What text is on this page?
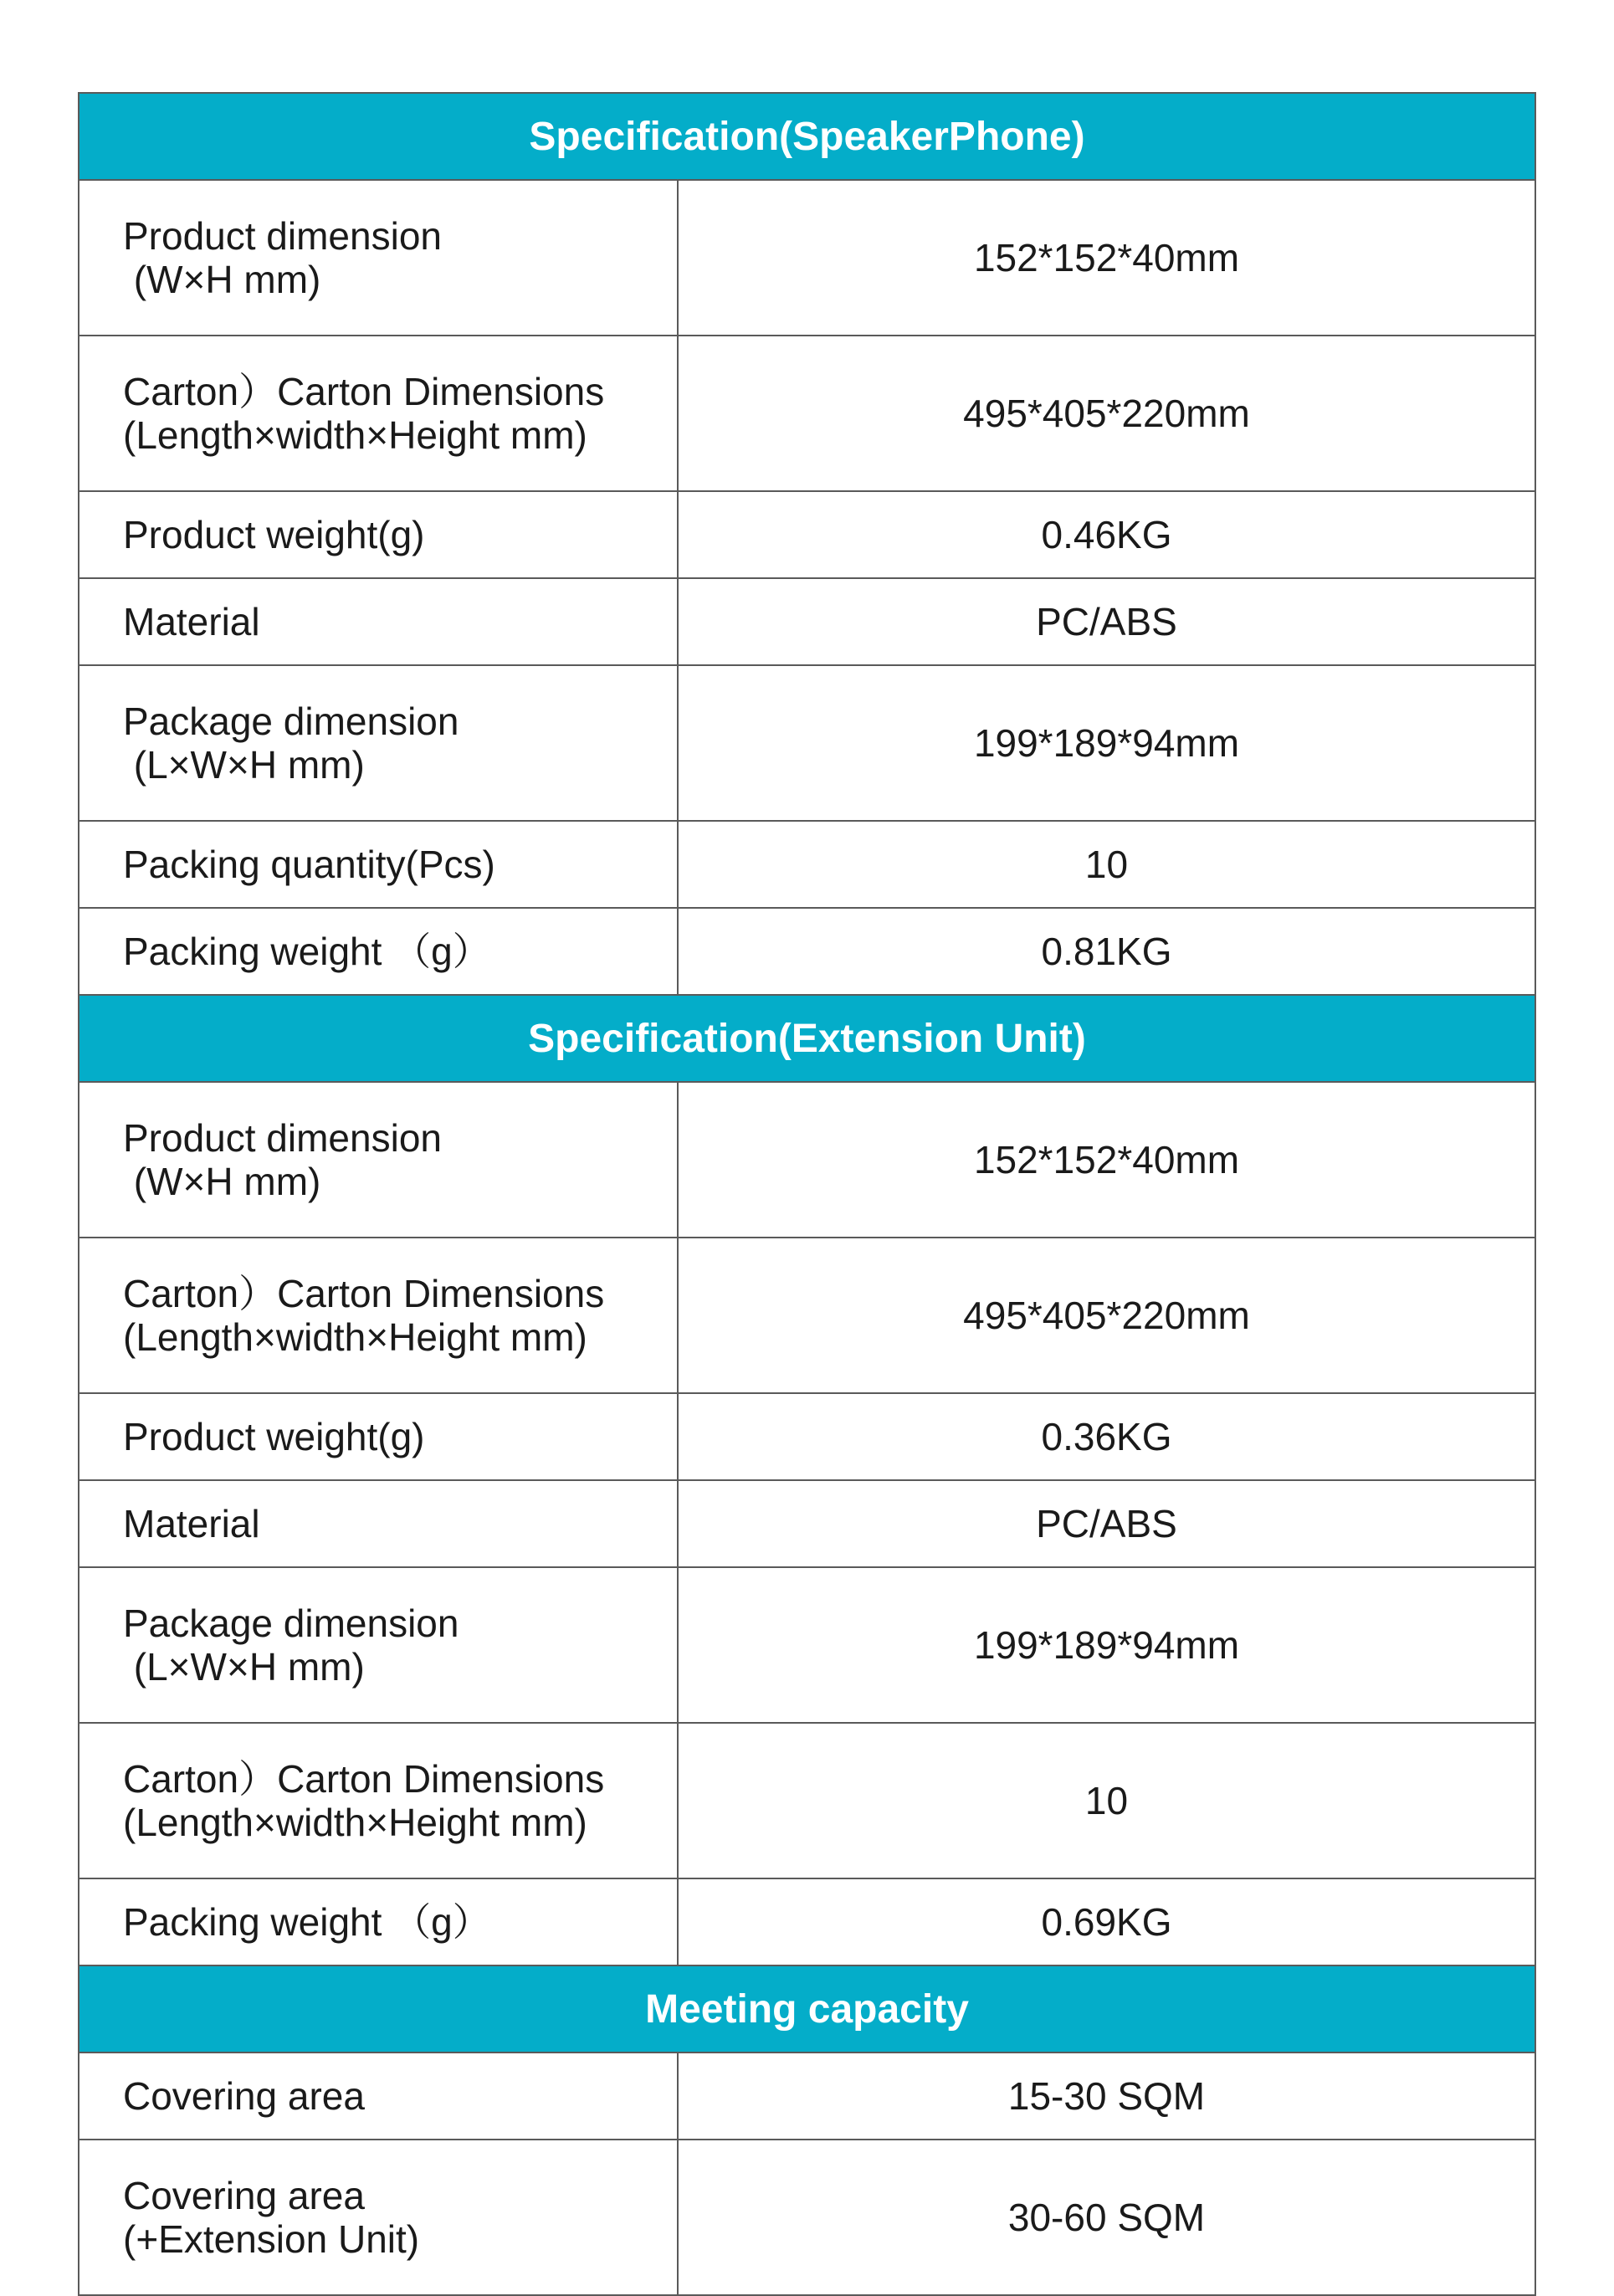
Specification(SpeakerPhone)
Product dimension
(W×H mm)	152*152*40mm
Carton）Carton Dimensions
(Length×width×Height mm)	495*405*220mm
Product weight(g)	0.46KG
Material	PC/ABS
Package dimension
(L×W×H mm)	199*189*94mm
Packing quantity(Pcs)	10
Packing weight （g）	0.81KG
Specification(Extension Unit)
Product dimension
(W×H mm)	152*152*40mm
Carton）Carton Dimensions
(Length×width×Height mm)	495*405*220mm
Product weight(g)	0.36KG
Material	PC/ABS
Package dimension
(L×W×H mm)	199*189*94mm
Carton）Carton Dimensions
(Length×width×Height mm)	10
Packing weight （g）	0.69KG
Meeting capacity
Covering area	15-30 SQM
Covering area
(+Extension Unit)	30-60 SQM
